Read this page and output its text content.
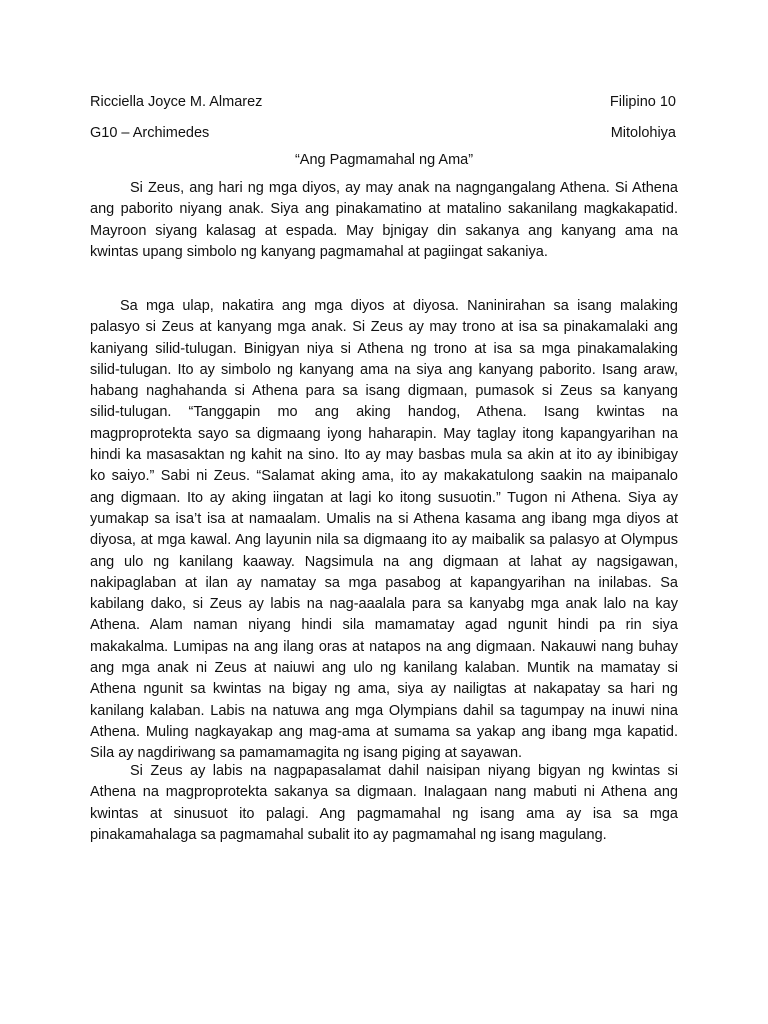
Ricciella Joyce M. Almarez	Filipino 10
G10 – Archimedes	Mitolohiya
“Ang Pagmamahal ng Ama”
Si Zeus, ang hari ng mga diyos, ay may anak na nagngangalang Athena. Si Athena
ang paborito niyang anak. Siya ang pinakamatino at matalino sakanilang magkakapatid.
Mayroon siyang kalasag at espada. May bjnigay din sakanya ang kanyang ama na
kwintas upang simbolo ng kanyang pagmamahal at pagiingat sakaniya.
Sa mga ulap, nakatira ang mga diyos at diyosa. Naninirahan sa isang malaking
palasyo si Zeus at kanyang mga anak. Si Zeus ay may trono at isa sa pinakamalaki ang
kaniyang silid-tulugan. Binigyan niya si Athena ng trono at isa sa mga pinakamalaking
silid-tulugan. Ito ay simbolo ng kanyang ama na siya ang kanyang paborito. Isang araw,
habang naghahanda si Athena para sa isang digmaan, pumasok si Zeus sa kanyang
silid-tulugan. “Tanggapin mo ang aking handog, Athena. Isang kwintas na
magproprotekta sayo sa digmaang iyong haharapin. May taglay itong kapangyarihan na
hindi ka masasaktan ng kahit na sino. Ito ay may basbas mula sa akin at ito ay ibinibigay
ko saiyo.” Sabi ni Zeus. “Salamat aking ama, ito ay makakatulong saakin na maipanalo
ang digmaan. Ito ay aking iingatan at lagi ko itong susuotin.” Tugon ni Athena. Siya ay
yumakap sa isa’t isa at namaalam. Umalis na si Athena kasama ang ibang mga diyos at
diyosa, at mga kawal. Ang layunin nila sa digmaang ito ay maibalik sa palasyo at Olympus
ang ulo ng kanilang kaaway. Nagsimula na ang digmaan at lahat ay nagsigawan,
nakipaglaban at ilan ay namatay sa mga pasabog at kapangyarihan na inilabas. Sa
kabilang dako, si Zeus ay labis na nag-aaalala para sa kanyabg mga anak lalo na kay
Athena. Alam naman niyang hindi sila mamamatay agad ngunit hindi pa rin siya
makakalma. Lumipas na ang ilang oras at natapos na ang digmaan. Nakauwi nang buhay
ang mga anak ni Zeus at naiuwi ang ulo ng kanilang kalaban. Muntik na mamatay si
Athena ngunit sa kwintas na bigay ng ama, siya ay nailigtas at nakapatay sa hari ng
kanilang kalaban. Labis na natuwa ang mga Olympians dahil sa tagumpay na inuwi nina
Athena. Muling nagkayakap ang mag-ama at sumama sa yakap ang ibang mga kapatid.
Sila ay nagdiriwang sa pamamamagita ng isang piging at sayawan.
Si Zeus ay labis na nagpapasalamat dahil naisipan niyang bigyan ng kwintas si
Athena na magproprotekta sakanya sa digmaan. Inalagaan nang mabuti ni Athena ang
kwintas at sinusuot ito palagi. Ang pagmamahal ng isang ama ay isa sa mga
pinakamahalaga sa pagmamahal subalit ito ay pagmamahal ng isang magulang.
